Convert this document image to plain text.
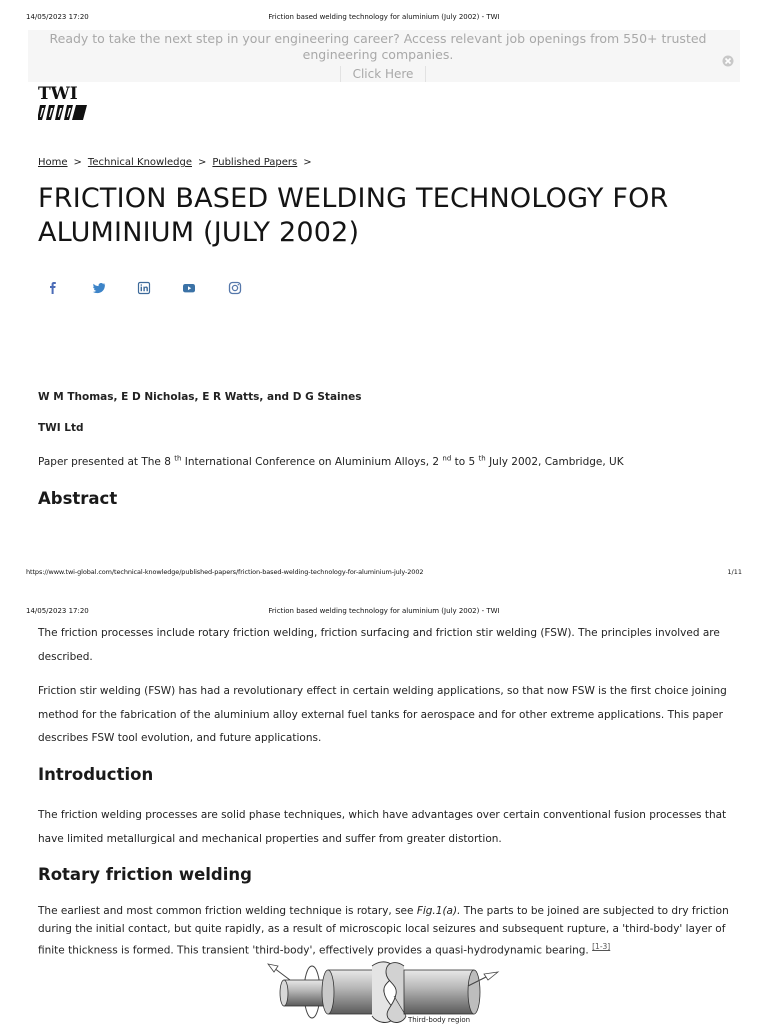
14/05/2023 17:20	Friction based welding technology for aluminium (July 2002) - TWI
Ready to take the next step in your engineering career? Access relevant job openings from 550+ trusted engineering companies.
Click Here
TWI
Home > Technical Knowledge > Published Papers >
FRICTION BASED WELDING TECHNOLOGY FOR ALUMINIUM (JULY 2002)

W M Thomas, E D Nicholas, E R Watts, and D G Staines

TWI Ltd

Paper presented at The 8 $^{th}$ International Conference on Aluminium Alloys, 2 $^{nd}$ to 5 $^{th}$ July 2002, Cambridge, UK

Abstract
https://www.twi-global.com/technical-knowledge/published-papers/friction-based-welding-technology-for-aluminium-july-2002	1/11
14/05/2023 17:20	Friction based welding technology for aluminium (July 2002) - TWI

The friction processes include rotary friction welding, friction surfacing and friction stir welding (FSW). The principles involved are described.

Friction stir welding (FSW) has had a revolutionary effect in certain welding applications, so that now FSW is the first choice joining method for the fabrication of the aluminium alloy external fuel tanks for aerospace and for other extreme applications. This paper describes FSW tool evolution, and future applications.

Introduction

The friction welding processes are solid phase techniques, which have advantages over certain conventional fusion processes that have limited metallurgical and mechanical properties and suffer from greater distortion.

Rotary friction welding

The earliest and most common friction welding technique is rotary, see Fig.1(a). The parts to be joined are subjected to dry friction during the initial contact, but quite rapidly, as a result of microscopic local seizures and subsequent rupture, a 'third-body' layer of finite thickness is formed. This transient 'third-body', effectively provides a quasi-hydrodynamic bearing. [1-3]

Third-body region
